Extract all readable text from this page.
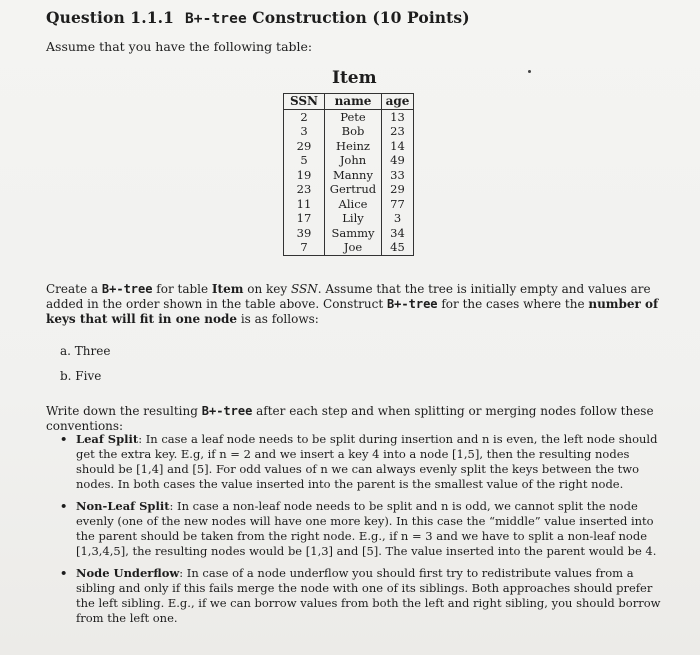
Question 1.1.1 B+-tree Construction (10 Points)
Assume that you have the following table:
Item
SSN	name	age
2	Pete	13
3	Bob	23
29	Heinz	14
5	John	49
19	Manny	33
23	Gertrud	29
11	Alice	77
17	Lily	3
39	Sammy	34
7	Joe	45
Create a B+-tree for table Item on key SSN. Assume that the tree is initially empty and values are added in the order shown in the table above. Construct B+-tree for the cases where the number of keys that will fit in one node is as follows:
a. Three
b. Five
Write down the resulting B+-tree after each step and when splitting or merging nodes follow these conventions:
• Leaf Split: In case a leaf node needs to be split during insertion and n is even, the left node should get the extra key. E.g, if n = 2 and we insert a key 4 into a node [1,5], then the resulting nodes should be [1,4] and [5]. For odd values of n we can always evenly split the keys between the two nodes. In both cases the value inserted into the parent is the smallest value of the right node.
• Non-Leaf Split: In case a non-leaf node needs to be split and n is odd, we cannot split the node evenly (one of the new nodes will have one more key). In this case the “middle” value inserted into the parent should be taken from the right node. E.g., if n = 3 and we have to split a non-leaf node [1,3,4,5], the resulting nodes would be [1,3] and [5]. The value inserted into the parent would be 4.
• Node Underflow: In case of a node underflow you should first try to redistribute values from a sibling and only if this fails merge the node with one of its siblings. Both approaches should prefer the left sibling. E.g., if we can borrow values from both the left and right sibling, you should borrow from the left one.
